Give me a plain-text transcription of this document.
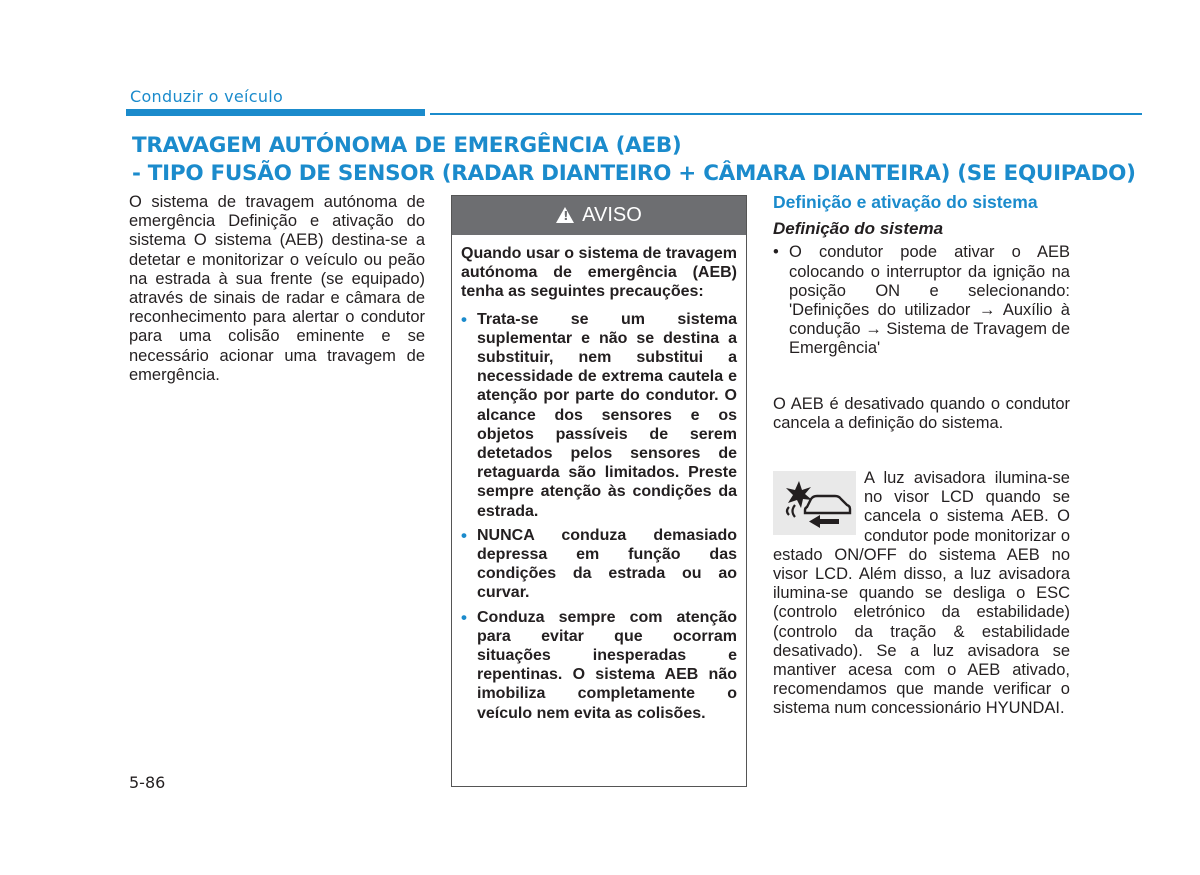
Conduzir o veículo
TRAVAGEM AUTÓNOMA DE EMERGÊNCIA (AEB)
- TIPO FUSÃO DE SENSOR (RADAR DIANTEIRO + CÂMARA DIANTEIRA) (SE EQUIPADO)
O sistema de travagem autónoma de emergência Definição e ativação do sistema O sistema (AEB) destina-se a detetar e monitorizar o veículo ou peão na estrada à sua frente (se equipado) através de sinais de radar e câmara de reconhecimento para alertar o condutor para uma colisão eminente e se necessário acionar uma travagem de emergência.
!
AVISO

Quando usar o sistema de travagem autónoma de emergência (AEB) tenha as seguintes precauções:

• Trata-se se um sistema suplementar e não se destina a substituir, nem substitui a necessidade de extrema cautela e atenção por parte do condutor. O alcance dos sensores e os objetos passíveis de serem detetados pelos sensores de retaguarda são limitados. Preste sempre atenção às condições da estrada.
• NUNCA conduza demasiado depressa em função das condições da estrada ou ao curvar.
• Conduza sempre com atenção para evitar que ocorram situações inesperadas e repentinas. O sistema AEB não imobiliza completamente o veículo nem evita as colisões.
Definição e ativação do sistema
Definição do sistema
• O condutor pode ativar o AEB colocando o interruptor da ignição na posição ON e selecionando: 'Definições do utilizador → Auxílio à condução → Sistema de Travagem de Emergência'

O AEB é desativado quando o condutor cancela a definição do sistema.

A luz avisadora ilumina-se no visor LCD quando se cancela o sistema AEB. O condutor pode monitorizar o estado ON/OFF do sistema AEB no visor LCD. Além disso, a luz avisadora ilumina-se quando se desliga o ESC (controlo eletrónico da estabilidade) (controlo da tração & estabilidade desativado). Se a luz avisadora se mantiver acesa com o AEB ativado, recomendamos que mande verificar o sistema num concessionário HYUNDAI.
5-86
